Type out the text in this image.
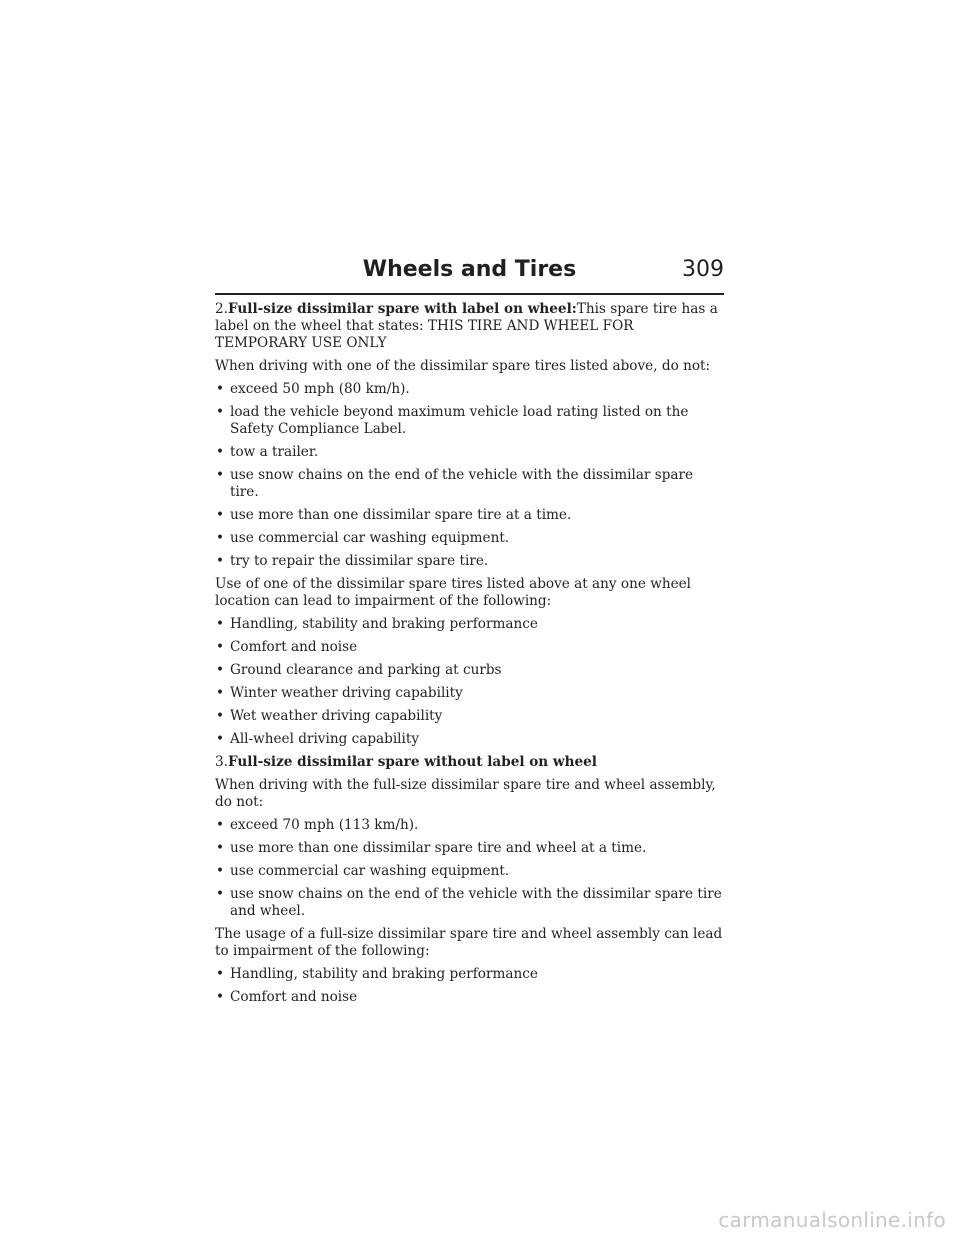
Wheels and Tires	309

2.Full-size dissimilar spare with label on wheel:This spare tire has a label on the wheel that states: THIS TIRE AND WHEEL FOR TEMPORARY USE ONLY

When driving with one of the dissimilar spare tires listed above, do not:

• exceed 50 mph (80 km/h).
• load the vehicle beyond maximum vehicle load rating listed on the Safety Compliance Label.
• tow a trailer.
• use snow chains on the end of the vehicle with the dissimilar spare tire.
• use more than one dissimilar spare tire at a time.
• use commercial car washing equipment.
• try to repair the dissimilar spare tire.

Use of one of the dissimilar spare tires listed above at any one wheel location can lead to impairment of the following:

• Handling, stability and braking performance
• Comfort and noise
• Ground clearance and parking at curbs
• Winter weather driving capability
• Wet weather driving capability
• All-wheel driving capability

3.Full-size dissimilar spare without label on wheel

When driving with the full-size dissimilar spare tire and wheel assembly, do not:

• exceed 70 mph (113 km/h).
• use more than one dissimilar spare tire and wheel at a time.
• use commercial car washing equipment.
• use snow chains on the end of the vehicle with the dissimilar spare tire and wheel.

The usage of a full-size dissimilar spare tire and wheel assembly can lead to impairment of the following:

• Handling, stability and braking performance
• Comfort and noise
carmanualsonline.info
